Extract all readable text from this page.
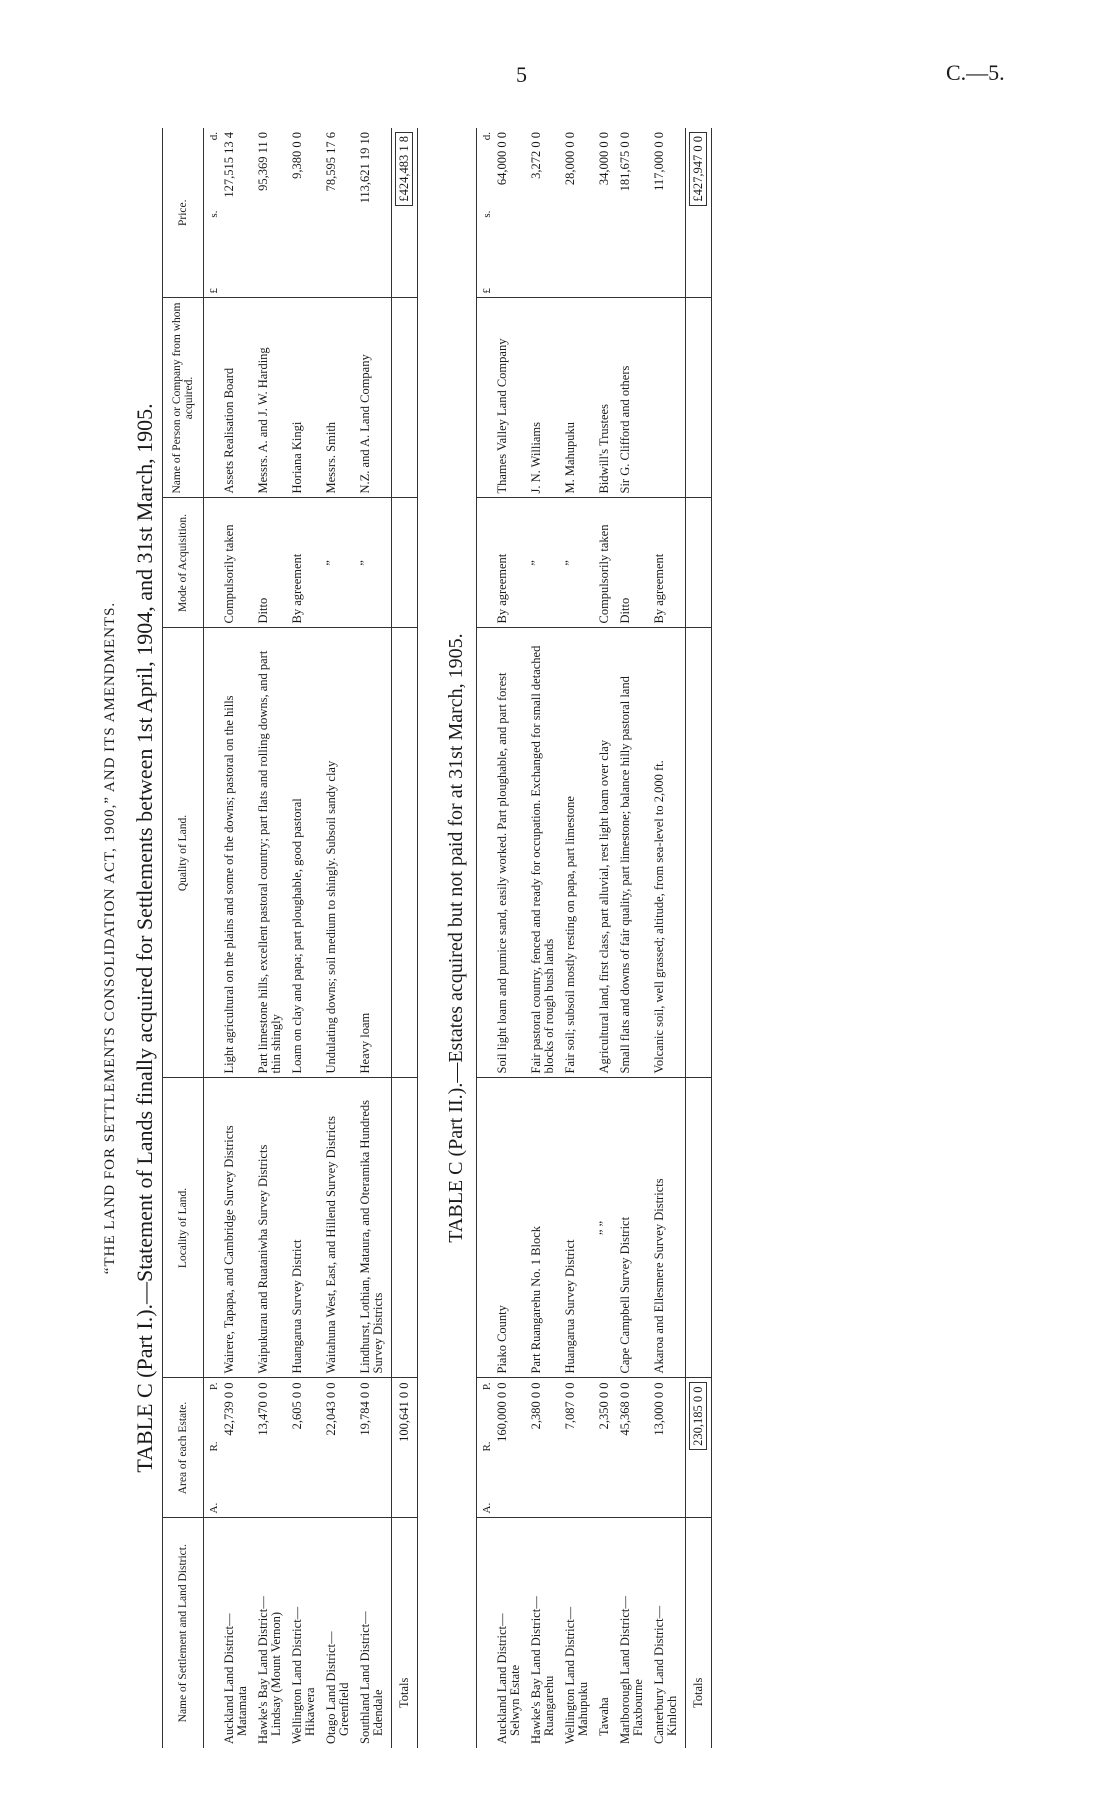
5	C.—5.
“THE LAND FOR SETTLEMENTS CONSOLIDATION ACT, 1900,” AND ITS AMENDMENTS. TABLE C (Part I.).—Statement of Lands finally acquired for Settlements between 1st April, 1904, and 31st March, 1905.
Name of Settlement and Land District.	Area of each Estate.	Locality of Land.	Quality of Land.	Mode of Acquisition.	Name of Person or Company from whom acquired.	Price.

	A.
R.
P.					£
s.
d.

Auckland Land District— Matamata	42,739 0 0	Wairere, Tapapa, and Cambridge Survey Districts	Light agricultural on the plains and some of the downs; pastoral on the hills	Compulsorily taken	Assets Realisation Board	127,515 13 4

Hawke's Bay Land District— Lindsay (Mount Vernon)	13,470 0 0	Waipukurau and Ruataniwha Survey Districts	Part limestone hills, excellent pastoral country; part flats and rolling downs, and part thin shingly	Ditto	Messrs. A. and J. W. Harding	95,369 11 0

Wellington Land District— Hikawera	2,605 0 0	Huangarua Survey District	Loam on clay and papa; part ploughable, good pastoral	By agreement	Horiana Kingi	9,380 0 0

Otago Land District— Greenfield	22,043 0 0	Waitahuna West, East, and Hillend Survey Districts	Undulating downs; soil medium to shingly. Subsoil sandy clay	”	Messrs. Smith	78,595 17 6

Southland Land District— Edendale	19,784 0 0	Lindhurst, Lothian, Mataura, and Oteramika Hundreds Survey Districts	Heavy loam	”	N.Z. and A. Land Company	113,621 19 10
Totals	100,641 0 0					£424,483 1 8
TABLE C (Part II.).—Estates acquired but not paid for at 31st March, 1905.

	A.
R.
P.					£
s.
d.

Auckland Land District— Selwyn Estate	160,000 0 0	Piako County	Soil light loam and pumice sand, easily worked. Part ploughable, and part forest	By agreement	Thames Valley Land Company	64,000 0 0

Hawke's Bay Land District— Ruangarehu	2,380 0 0	Part Ruangarehu No. 1 Block	Fair pastoral country, fenced and ready for occupation. Exchanged for small detached blocks of rough bush lands	”	J. N. Williams	3,272 0 0

Wellington Land District— Mahupuku	7,087 0 0	Huangarua Survey District	Fair soil; subsoil mostly resting on papa, part limestone	”	M. Mahupuku	28,000 0 0

Tawaha	2,350 0 0	” ”	Agricultural land, first class, part alluvial, rest light loam over clay	Compulsorily taken	Bidwill's Trustees	34,000 0 0

Marlborough Land District— Flaxbourne	45,368 0 0	Cape Campbell Survey District	Small flats and downs of fair quality, part limestone; balance hilly pastoral land	Ditto	Sir G. Clifford and others	181,675 0 0

Canterbury Land District— Kinloch	13,000 0 0	Akaroa and Ellesmere Survey Districts	Volcanic soil, well grassed; altitude, from sea-level to 2,000 ft.	By agreement		117,000 0 0
Totals	230,185 0 0					£427,947 0 0
